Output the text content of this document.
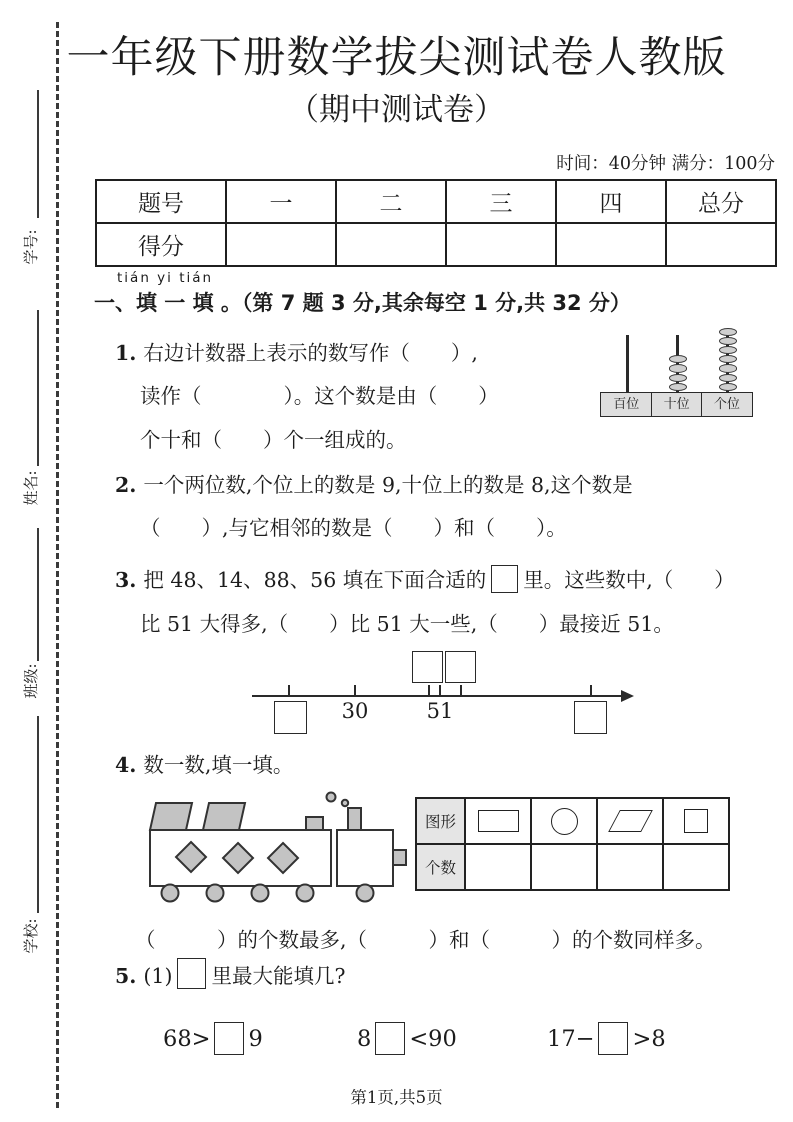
学号:
姓名:
班级:
学校:
一年级下册数学拔尖测试卷人教版
（期中测试卷）
时间：40分钟 满分：100分
题号	一	二	三	四	总分
得分					
tián yi tián
一、填 一 填 。（第 7 题 3 分,其余每空 1 分,共 32 分）
1. 右边计数器上表示的数写作（　　）,
读作（　　　　）。这个数是由（　　）
个十和（　　）个一组成的。
百位	十位	个位
2. 一个两位数,个位上的数是 9,十位上的数是 8,这个数是
（　　）,与它相邻的数是（　　）和（　　）。
3. 把 48、14、88、56 填在下面合适的 里。这些数中,（　　）
比 51 大得多,（　　）比 51 大一些,（　　）最接近 51。
30	51
4. 数一数,填一填。
图形	

个数				
（　　　）的个数最多,（　　　）和（　　　）的个数同样多。
5. (1) 里最大能填几?
68> 9	8 <90	17− >8
第1页,共5页
